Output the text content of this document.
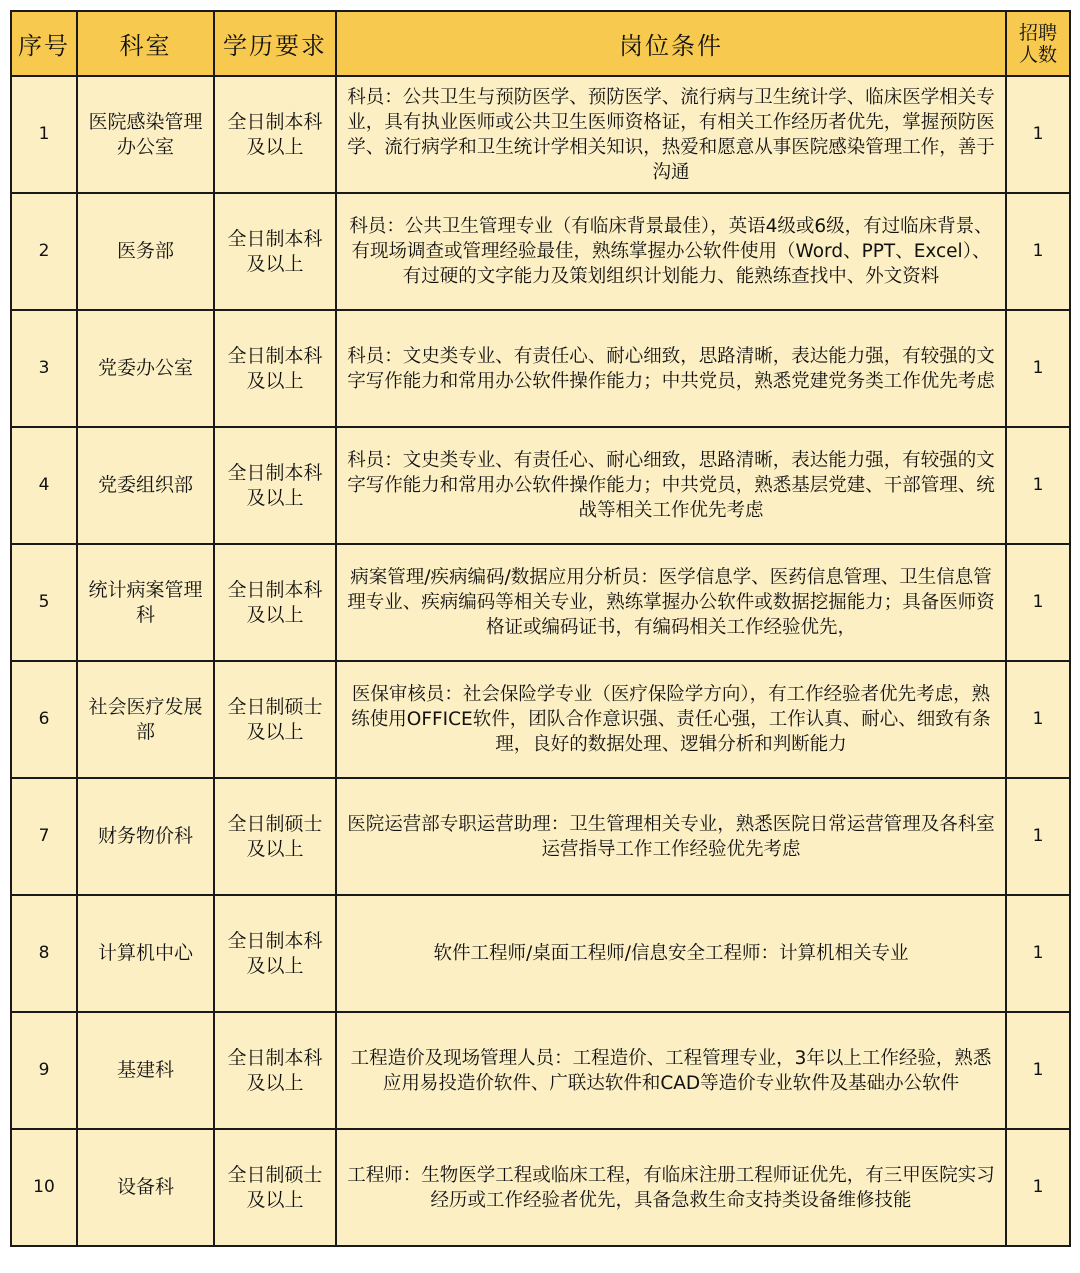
序号	科室	学历要求	岗位条件	招聘
人数
1	医院感染管理办公室	全日制本科及以上	科员：公共卫生与预防医学、预防医学、流行病与卫生统计学、临床医学相关专业，具有执业医师或公共卫生医师资格证，有相关工作经历者优先，掌握预防医学、流行病学和卫生统计学相关知识，热爱和愿意从事医院感染管理工作，善于沟通	1
2	医务部	全日制本科及以上	科员：公共卫生管理专业（有临床背景最佳），英语4级或6级，有过临床背景、有现场调查或管理经验最佳，熟练掌握办公软件使用（Word、PPT、Excel）、有过硬的文字能力及策划组织计划能力、能熟练查找中、外文资料	1
3	党委办公室	全日制本科及以上	科员：文史类专业、有责任心、耐心细致，思路清晰，表达能力强，有较强的文字写作能力和常用办公软件操作能力；中共党员，熟悉党建党务类工作优先考虑	1
4	党委组织部	全日制本科及以上	科员：文史类专业、有责任心、耐心细致，思路清晰，表达能力强，有较强的文字写作能力和常用办公软件操作能力；中共党员，熟悉基层党建、干部管理、统战等相关工作优先考虑	1
5	统计病案管理科	全日制本科及以上	病案管理/疾病编码/数据应用分析员：医学信息学、医药信息管理、卫生信息管理专业、疾病编码等相关专业，熟练掌握办公软件或数据挖掘能力；具备医师资格证或编码证书，有编码相关工作经验优先，	1
6	社会医疗发展部	全日制硕士及以上	医保审核员：社会保险学专业（医疗保险学方向），有工作经验者优先考虑，熟练使用OFFICE软件，团队合作意识强、责任心强，工作认真、耐心、细致有条理，良好的数据处理、逻辑分析和判断能力	1
7	财务物价科	全日制硕士及以上	医院运营部专职运营助理：卫生管理相关专业，熟悉医院日常运营管理及各科室运营指导工作工作经验优先考虑	1
8	计算机中心	全日制本科及以上	软件工程师/桌面工程师/信息安全工程师：计算机相关专业	1
9	基建科	全日制本科及以上	工程造价及现场管理人员：工程造价、工程管理专业，3年以上工作经验，熟悉应用易投造价软件、广联达软件和CAD等造价专业软件及基础办公软件	1
10	设备科	全日制硕士及以上	工程师：生物医学工程或临床工程，有临床注册工程师证优先，有三甲医院实习经历或工作经验者优先，具备急救生命支持类设备维修技能	1
